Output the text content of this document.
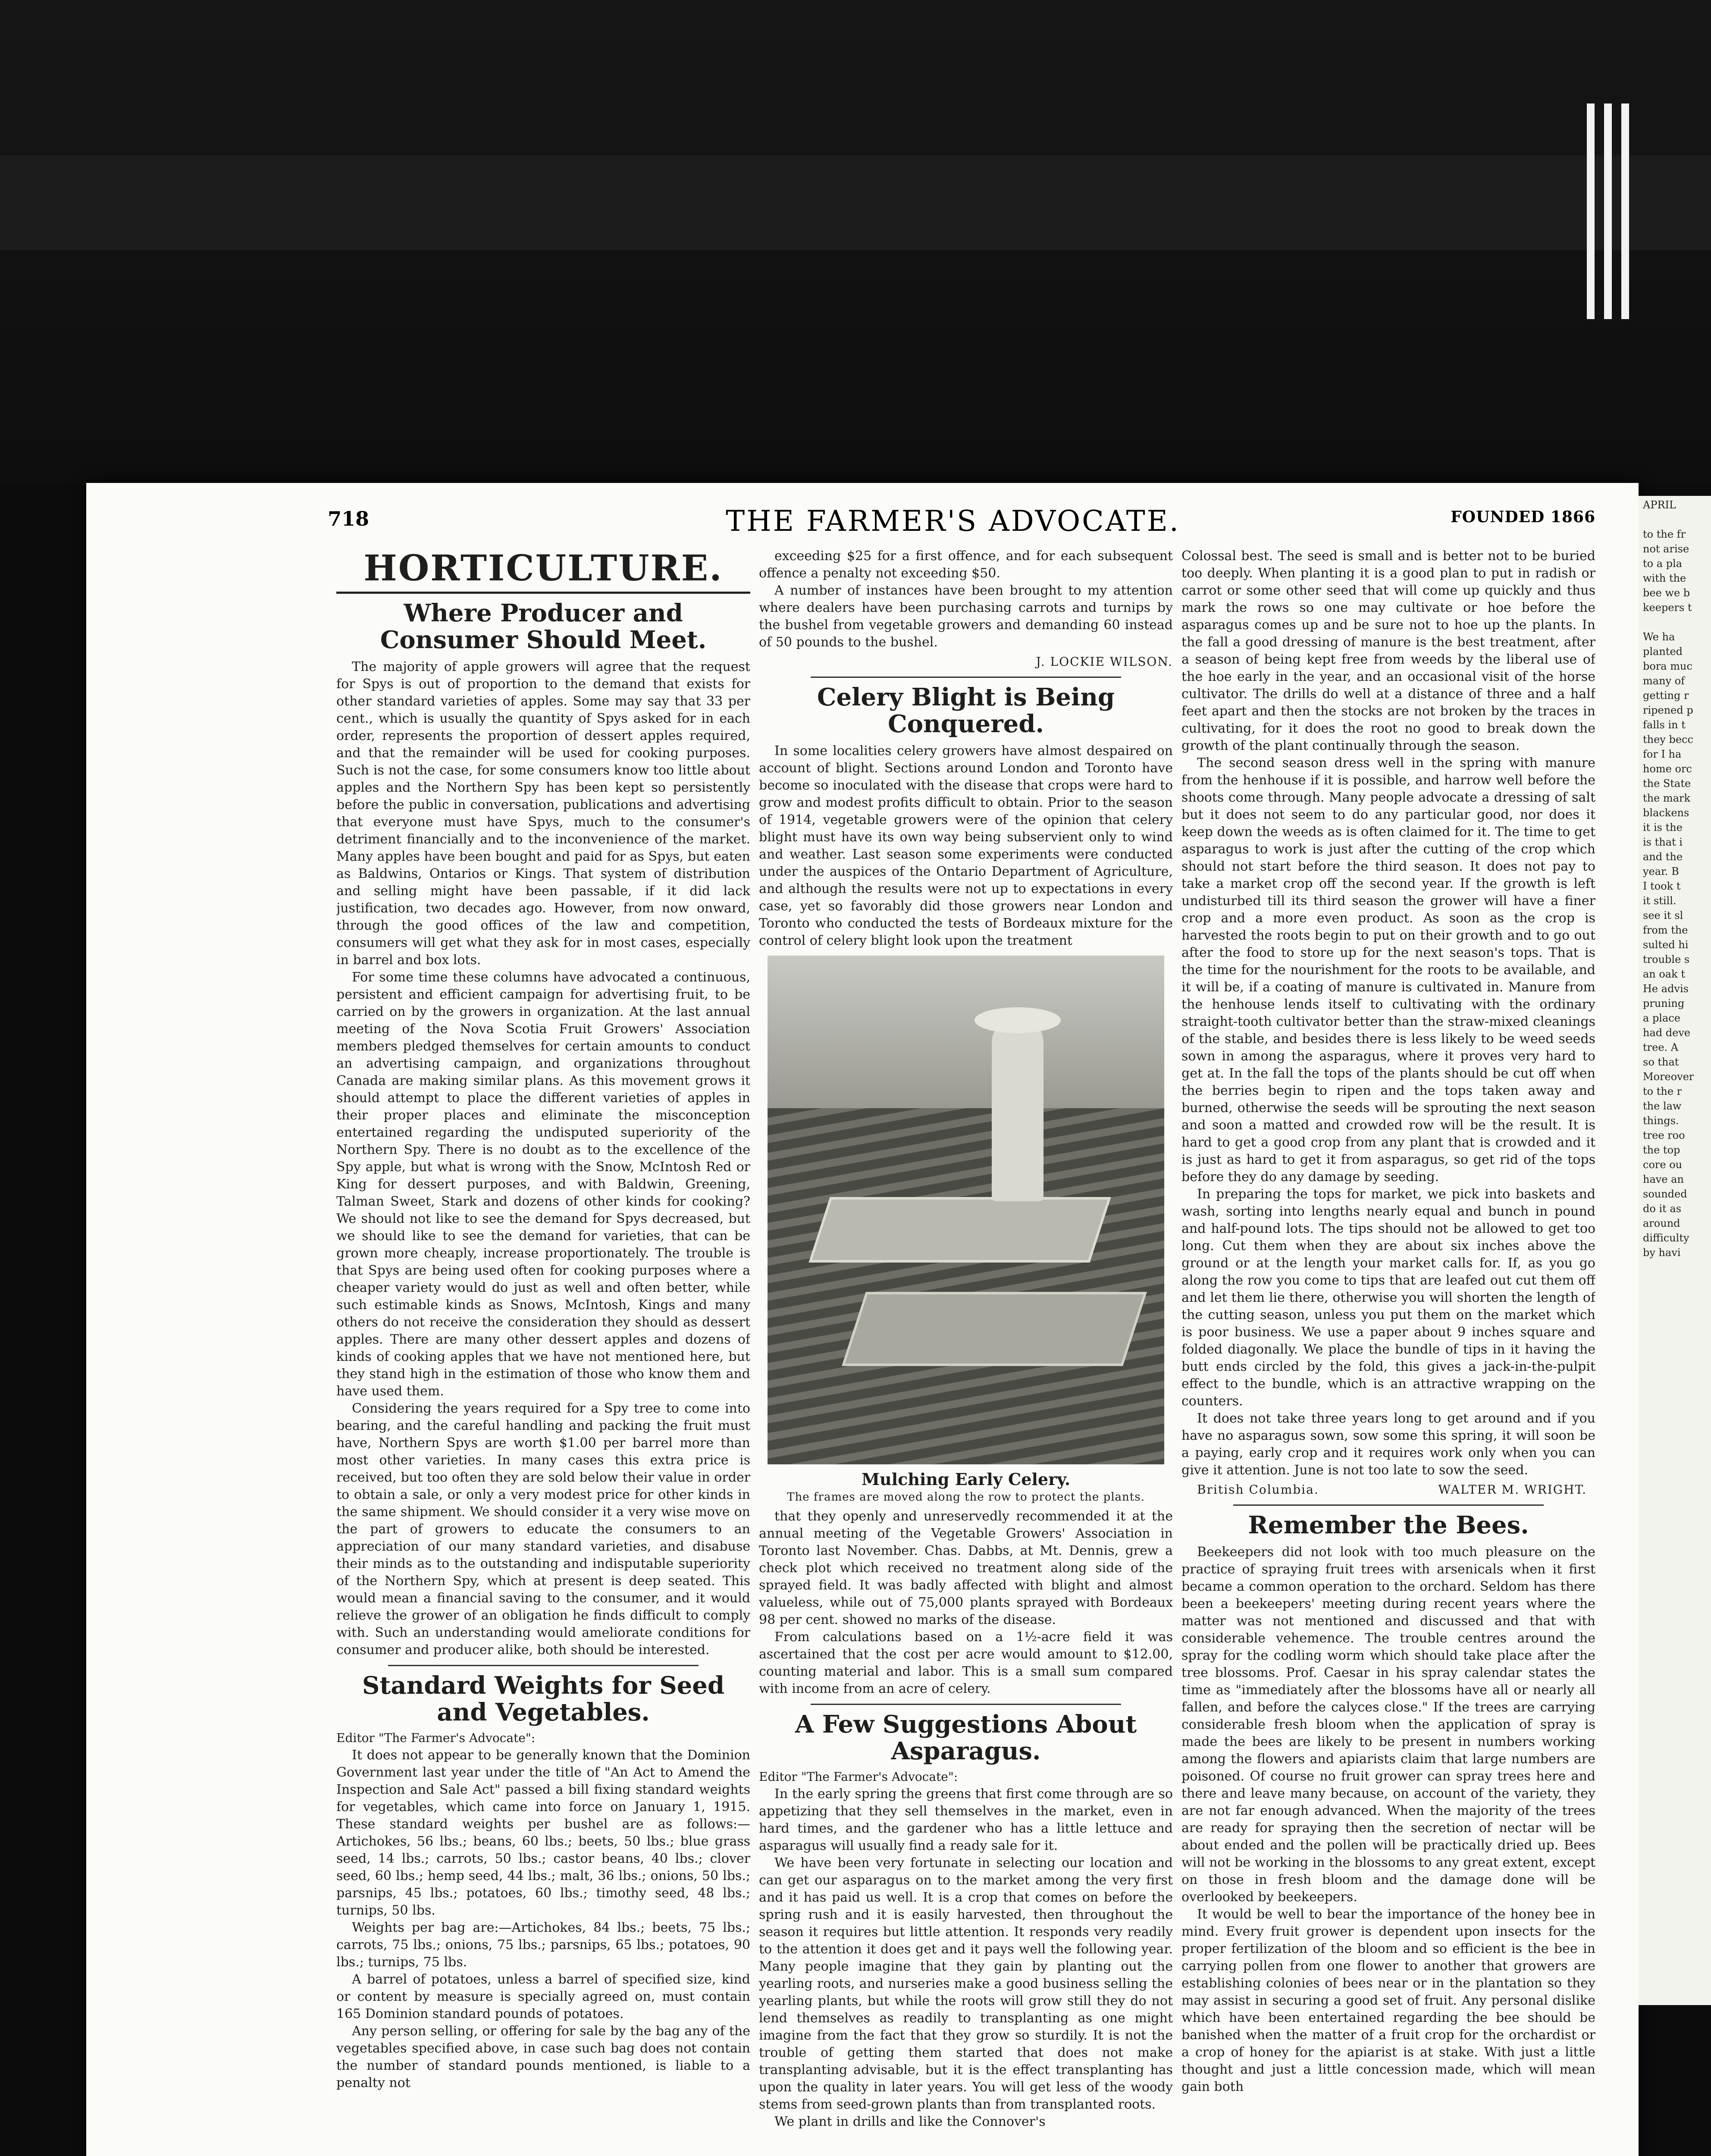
APRIL

to the fr
not arise
to a pla
with the
bee we b
keepers t

We ha
planted
bora muc
many of
getting r
ripened p
falls in t
they becc
for I ha
home orc
the State
the mark
blackens
it is the
is that i
and the
year. B
I took t
it still.
see it sl
from the
sulted hi
trouble s
an oak t
He advis
pruning
a place
had deve
tree. A
so that
Moreover
to the r
the law
things.
tree roo
the top
core ou
have an
sounded
do it as
around
difficulty
by havi
718	THE FARMER'S ADVOCATE.	FOUNDED 1866
HORTICULTURE.
Where Producer and Consumer Should Meet.

The majority of apple growers will agree that the request for Spys is out of proportion to the demand that exists for other standard varieties of apples. Some may say that 33 per cent., which is usually the quantity of Spys asked for in each order, represents the proportion of dessert apples required, and that the remainder will be used for cooking purposes. Such is not the case, for some consumers know too little about apples and the Northern Spy has been kept so persistently before the public in conversation, publications and advertising that everyone must have Spys, much to the consumer's detriment financially and to the inconvenience of the market. Many apples have been bought and paid for as Spys, but eaten as Baldwins, Ontarios or Kings. That system of distribution and selling might have been passable, if it did lack justification, two decades ago. However, from now onward, through the good offices of the law and competition, consumers will get what they ask for in most cases, especially in barrel and box lots.

For some time these columns have advocated a continuous, persistent and efficient campaign for advertising fruit, to be carried on by the growers in organization. At the last annual meeting of the Nova Scotia Fruit Growers' Association members pledged themselves for certain amounts to conduct an advertising campaign, and organizations throughout Canada are making similar plans. As this movement grows it should attempt to place the different varieties of apples in their proper places and eliminate the misconception entertained regarding the undisputed superiority of the Northern Spy. There is no doubt as to the excellence of the Spy apple, but what is wrong with the Snow, McIntosh Red or King for dessert purposes, and with Baldwin, Greening, Talman Sweet, Stark and dozens of other kinds for cooking? We should not like to see the demand for Spys decreased, but we should like to see the demand for varieties, that can be grown more cheaply, increase proportionately. The trouble is that Spys are being used often for cooking purposes where a cheaper variety would do just as well and often better, while such estimable kinds as Snows, McIntosh, Kings and many others do not receive the consideration they should as dessert apples. There are many other dessert apples and dozens of kinds of cooking apples that we have not mentioned here, but they stand high in the estimation of those who know them and have used them.

Considering the years required for a Spy tree to come into bearing, and the careful handling and packing the fruit must have, Northern Spys are worth $1.00 per barrel more than most other varieties. In many cases this extra price is received, but too often they are sold below their value in order to obtain a sale, or only a very modest price for other kinds in the same shipment. We should consider it a very wise move on the part of growers to educate the consumers to an appreciation of our many standard varieties, and disabuse their minds as to the outstanding and indisputable superiority of the Northern Spy, which at present is deep seated. This would mean a financial saving to the consumer, and it would relieve the grower of an obligation he finds difficult to comply with. Such an understanding would ameliorate conditions for consumer and producer alike, both should be interested.

Standard Weights for Seed and Vegetables.
Editor "The Farmer's Advocate":

It does not appear to be generally known that the Dominion Government last year under the title of "An Act to Amend the Inspection and Sale Act" passed a bill fixing standard weights for vegetables, which came into force on January 1, 1915. These standard weights per bushel are as follows:—Artichokes, 56 lbs.; beans, 60 lbs.; beets, 50 lbs.; blue grass seed, 14 lbs.; carrots, 50 lbs.; castor beans, 40 lbs.; clover seed, 60 lbs.; hemp seed, 44 lbs.; malt, 36 lbs.; onions, 50 lbs.; parsnips, 45 lbs.; potatoes, 60 lbs.; timothy seed, 48 lbs.; turnips, 50 lbs.

Weights per bag are:—Artichokes, 84 lbs.; beets, 75 lbs.; carrots, 75 lbs.; onions, 75 lbs.; parsnips, 65 lbs.; potatoes, 90 lbs.; turnips, 75 lbs.

A barrel of potatoes, unless a barrel of specified size, kind or content by measure is specially agreed on, must contain 165 Dominion standard pounds of potatoes.

Any person selling, or offering for sale by the bag any of the vegetables specified above, in case such bag does not contain the number of standard pounds mentioned, is liable to a penalty not

exceeding $25 for a first offence, and for each subsequent offence a penalty not exceeding $50.

A number of instances have been brought to my attention where dealers have been purchasing carrots and turnips by the bushel from vegetable growers and demanding 60 instead of 50 pounds to the bushel.

J. LOCKIE WILSON.
Celery Blight is Being Conquered.

In some localities celery growers have almost despaired on account of blight. Sections around London and Toronto have become so inoculated with the disease that crops were hard to grow and modest profits difficult to obtain. Prior to the season of 1914, vegetable growers were of the opinion that celery blight must have its own way being subservient only to wind and weather. Last season some experiments were conducted under the auspices of the Ontario Department of Agriculture, and although the results were not up to expectations in every case, yet so favorably did those growers near London and Toronto who conducted the tests of Bordeaux mixture for the control of celery blight look upon the treatment

Mulching Early Celery.
The frames are moved along the row to protect the plants.

that they openly and unreservedly recommended it at the annual meeting of the Vegetable Growers' Association in Toronto last November. Chas. Dabbs, at Mt. Dennis, grew a check plot which received no treatment along side of the sprayed field. It was badly affected with blight and almost valueless, while out of 75,000 plants sprayed with Bordeaux 98 per cent. showed no marks of the disease.

From calculations based on a 1½-acre field it was ascertained that the cost per acre would amount to $12.00, counting material and labor. This is a small sum compared with income from an acre of celery.

A Few Suggestions About Asparagus.
Editor "The Farmer's Advocate":

In the early spring the greens that first come through are so appetizing that they sell themselves in the market, even in hard times, and the gardener who has a little lettuce and asparagus will usually find a ready sale for it.

We have been very fortunate in selecting our location and can get our asparagus on to the market among the very first and it has paid us well. It is a crop that comes on before the spring rush and it is easily harvested, then throughout the season it requires but little attention. It responds very readily to the attention it does get and it pays well the following year. Many people imagine that they gain by planting out the yearling roots, and nurseries make a good business selling the yearling plants, but while the roots will grow still they do not lend themselves as readily to transplanting as one might imagine from the fact that they grow so sturdily. It is not the trouble of getting them started that does not make transplanting advisable, but it is the effect transplanting has upon the quality in later years. You will get less of the woody stems from seed-grown plants than from transplanted roots.

We plant in drills and like the Connover's

Colossal best. The seed is small and is better not to be buried too deeply. When planting it is a good plan to put in radish or carrot or some other seed that will come up quickly and thus mark the rows so one may cultivate or hoe before the asparagus comes up and be sure not to hoe up the plants. In the fall a good dressing of manure is the best treatment, after a season of being kept free from weeds by the liberal use of the hoe early in the year, and an occasional visit of the horse cultivator. The drills do well at a distance of three and a half feet apart and then the stocks are not broken by the traces in cultivating, for it does the root no good to break down the growth of the plant continually through the season.

The second season dress well in the spring with manure from the henhouse if it is possible, and harrow well before the shoots come through. Many people advocate a dressing of salt but it does not seem to do any particular good, nor does it keep down the weeds as is often claimed for it. The time to get asparagus to work is just after the cutting of the crop which should not start before the third season. It does not pay to take a market crop off the second year. If the growth is left undisturbed till its third season the grower will have a finer crop and a more even product. As soon as the crop is harvested the roots begin to put on their growth and to go out after the food to store up for the next season's tops. That is the time for the nourishment for the roots to be available, and it will be, if a coating of manure is cultivated in. Manure from the henhouse lends itself to cultivating with the ordinary straight-tooth cultivator better than the straw-mixed cleanings of the stable, and besides there is less likely to be weed seeds sown in among the asparagus, where it proves very hard to get at. In the fall the tops of the plants should be cut off when the berries begin to ripen and the tops taken away and burned, otherwise the seeds will be sprouting the next season and soon a matted and crowded row will be the result. It is hard to get a good crop from any plant that is crowded and it is just as hard to get it from asparagus, so get rid of the tops before they do any damage by seeding.

In preparing the tops for market, we pick into baskets and wash, sorting into lengths nearly equal and bunch in pound and half-pound lots. The tips should not be allowed to get too long. Cut them when they are about six inches above the ground or at the length your market calls for. If, as you go along the row you come to tips that are leafed out cut them off and let them lie there, otherwise you will shorten the length of the cutting season, unless you put them on the market which is poor business. We use a paper about 9 inches square and folded diagonally. We place the bundle of tips in it having the butt ends circled by the fold, this gives a jack-in-the-pulpit effect to the bundle, which is an attractive wrapping on the counters.

It does not take three years long to get around and if you have no asparagus sown, sow some this spring, it will soon be a paying, early crop and it requires work only when you can give it attention. June is not too late to sow the seed.

British Columbia.	WALTER M. WRIGHT.
Remember the Bees.

Beekeepers did not look with too much pleasure on the practice of spraying fruit trees with arsenicals when it first became a common operation to the orchard. Seldom has there been a beekeepers' meeting during recent years where the matter was not mentioned and discussed and that with considerable vehemence. The trouble centres around the spray for the codling worm which should take place after the tree blossoms. Prof. Caesar in his spray calendar states the time as "immediately after the blossoms have all or nearly all fallen, and before the calyces close." If the trees are carrying considerable fresh bloom when the application of spray is made the bees are likely to be present in numbers working among the flowers and apiarists claim that large numbers are poisoned. Of course no fruit grower can spray trees here and there and leave many because, on account of the variety, they are not far enough advanced. When the majority of the trees are ready for spraying then the secretion of nectar will be about ended and the pollen will be practically dried up. Bees will not be working in the blossoms to any great extent, except on those in fresh bloom and the damage done will be overlooked by beekeepers.

It would be well to bear the importance of the honey bee in mind. Every fruit grower is dependent upon insects for the proper fertilization of the bloom and so efficient is the bee in carrying pollen from one flower to another that growers are establishing colonies of bees near or in the plantation so they may assist in securing a good set of fruit. Any personal dislike which have been entertained regarding the bee should be banished when the matter of a fruit crop for the orchardist or a crop of honey for the apiarist is at stake. With just a little thought and just a little concession made, which will mean gain both
